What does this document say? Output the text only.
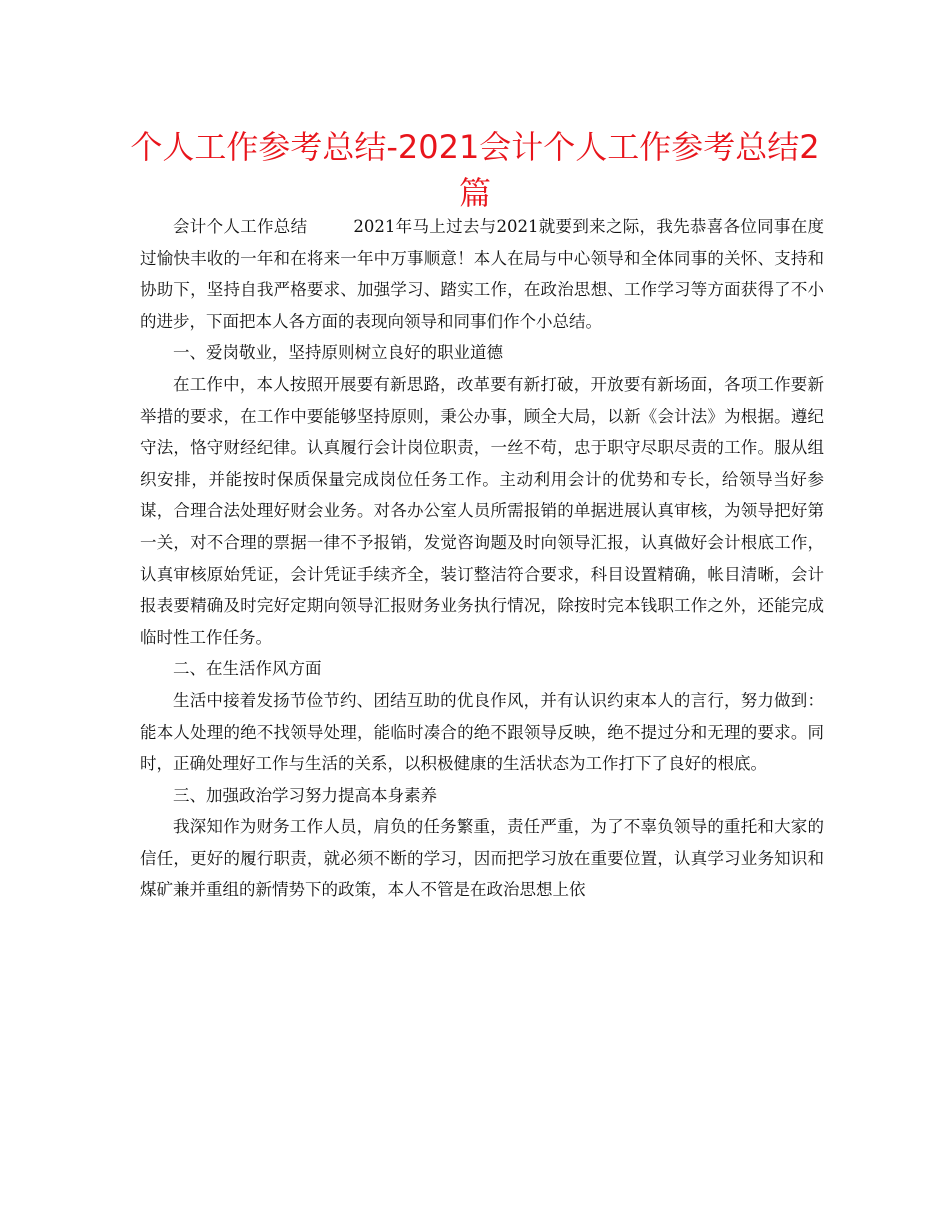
个人工作参考总结-2021会计个人工作参考总结2篇

会计个人工作总结	2021年马上过去与2021就要到来之际，我先恭喜各位同事在度过愉快丰收的一年和在将来一年中万事顺意！本人在局与中心领导和全体同事的关怀、支持和协助下，坚持自我严格要求、加强学习、踏实工作，在政治思想、工作学习等方面获得了不小的进步，下面把本人各方面的表现向领导和同事们作个小总结。

一、爱岗敬业，坚持原则树立良好的职业道德

在工作中，本人按照开展要有新思路，改革要有新打破，开放要有新场面，各项工作要新举措的要求，在工作中要能够坚持原则，秉公办事，顾全大局，以新《会计法》为根据。遵纪守法，恪守财经纪律。认真履行会计岗位职责，一丝不苟，忠于职守尽职尽责的工作。服从组织安排，并能按时保质保量完成岗位任务工作。主动利用会计的优势和专长，给领导当好参谋，合理合法处理好财会业务。对各办公室人员所需报销的单据进展认真审核，为领导把好第一关，对不合理的票据一律不予报销，发觉咨询题及时向领导汇报，认真做好会计根底工作，认真审核原始凭证，会计凭证手续齐全，装订整洁符合要求，科目设置精确，帐目清晰，会计报表要精确及时完好定期向领导汇报财务业务执行情况，除按时完本钱职工作之外，还能完成临时性工作任务。

二、在生活作风方面

生活中接着发扬节俭节约、团结互助的优良作风，并有认识约束本人的言行，努力做到：能本人处理的绝不找领导处理，能临时凑合的绝不跟领导反映，绝不提过分和无理的要求。同时，正确处理好工作与生活的关系，以积极健康的生活状态为工作打下了良好的根底。

三、加强政治学习努力提高本身素养

我深知作为财务工作人员，肩负的任务繁重，责任严重，为了不辜负领导的重托和大家的信任，更好的履行职责，就必须不断的学习，因而把学习放在重要位置，认真学习业务知识和煤矿兼并重组的新情势下的政策，本人不管是在政治思想上依
